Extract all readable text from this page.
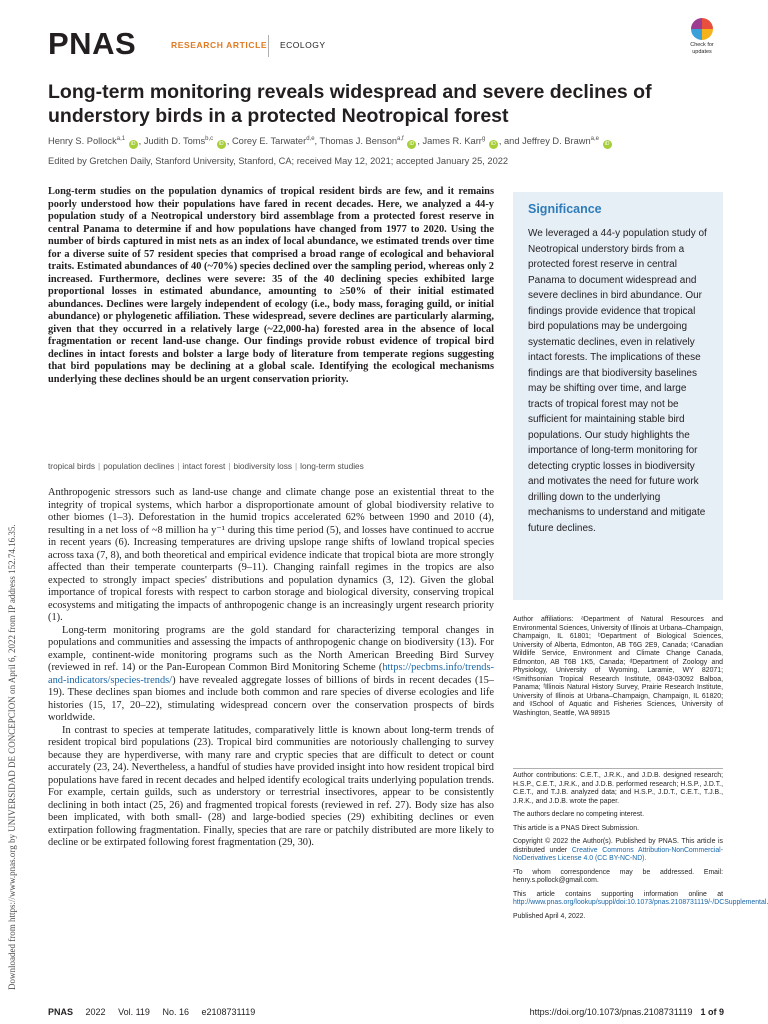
PNAS	RESEARCH ARTICLE ECOLOGY	Check for
updates
Long-term monitoring reveals widespread and severe declines of understory birds in a protected Neotropical forest
Henry S. Pollock$^{a,1}$ iD , Judith D. Toms$^{b,c}$ iD , Corey E. Tarwater$^{d,e}$, Thomas J. Benson$^{a,f}$ iD , James R. Karr$^g$ iD , and Jeffrey D. Brawn$^{a,e}$ iD
Edited by Gretchen Daily, Stanford University, Stanford, CA; received May 12, 2021; accepted January 25, 2022
Long-term studies on the population dynamics of tropical resident birds are few, and it remains poorly understood how their populations have fared in recent decades. Here, we analyzed a 44-y population study of a Neotropical understory bird assemblage from a protected forest reserve in central Panama to determine if and how populations have changed from 1977 to 2020. Using the number of birds captured in mist nets as an index of local abundance, we estimated trends over time for a diverse suite of 57 resident species that comprised a broad range of ecological and behavioral traits. Estimated abundances of 40 (~70%) species declined over the sampling period, whereas only 2 increased. Furthermore, declines were severe: 35 of the 40 declining species exhibited large proportional losses in estimated abundance, amounting to ≥50% of their initial estimated abundances. Declines were largely independent of ecology (i.e., body mass, foraging guild, or initial abundance) or phylogenetic affiliation. These widespread, severe declines are particularly alarming, given that they occurred in a relatively large (~22,000-ha) forested area in the absence of local fragmentation or recent land-use change. Our findings provide robust evidence of tropical bird declines in intact forests and bolster a large body of literature from temperate regions suggesting that bird populations may be declining at a global scale. Identifying the ecological mechanisms underlying these declines should be an urgent conservation priority.
tropical birds | population declines | intact forest | biodiversity loss | long-term studies

Anthropogenic stressors such as land-use change and climate change pose an existential threat to the integrity of tropical systems, which harbor a disproportionate amount of global biodiversity relative to other biomes (1–3). Deforestation in the humid tropics accelerated 62% between 1990 and 2010 (4), resulting in a net loss of ~8 million ha y⁻¹ during this time period (5), and losses have continued to accrue in recent years (6). Increasing temperatures are driving upslope range shifts of lowland tropical species across taxa (7, 8), and both theoretical and empirical evidence indicate that tropical biota are more strongly affected than their temperate counterparts (9–11). Changing rainfall regimes in the tropics are also expected to strongly impact species' distributions and population dynamics (3, 12). Given the global importance of tropical forests with respect to carbon storage and biological diversity, conserving tropical ecosystems and mitigating the impacts of anthropogenic change is an increasingly urgent research priority (1).

Long-term monitoring programs are the gold standard for characterizing temporal changes in populations and communities and assessing the impacts of anthropogenic change on biodiversity (13). For example, continent-wide monitoring programs such as the North American Breeding Bird Survey (reviewed in ref. 14) or the Pan-European Common Bird Monitoring Scheme (https://pecbms.info/trends-and-indicators/species-trends/) have revealed aggregate losses of billions of birds in recent decades (15–19). These declines span biomes and include both common and rare species of diverse ecologies and life histories (15, 17, 20–22), stimulating widespread concern over the conservation prospects of birds worldwide.

In contrast to species at temperate latitudes, comparatively little is known about long-term trends of resident tropical bird populations (23). Tropical bird communities are notoriously challenging to survey because they are hyperdiverse, with many rare and cryptic species that are difficult to detect or count accurately (23, 24). Nevertheless, a handful of studies have provided insight into how resident tropical bird populations have fared in recent decades and helped identify ecological traits underlying population trends. For example, certain guilds, such as understory or terrestrial insectivores, appear to be consistently declining in both intact (25, 26) and fragmented tropical forests (reviewed in ref. 27). Body size has also been implicated, with both small- (28) and large-bodied species (29) exhibiting declines or even extirpation following fragmentation. Finally, species that are rare or patchily distributed are more likely to decline or be extirpated following forest fragmentation (29, 30).

Significance
We leveraged a 44-y population study of Neotropical understory birds from a protected forest reserve in central Panama to document widespread and severe declines in bird abundance. Our findings provide evidence that tropical bird populations may be undergoing systematic declines, even in relatively intact forests. The implications of these findings are that biodiversity baselines may be shifting over time, and large tracts of tropical forest may not be sufficient for maintaining stable bird populations. Our study highlights the importance of long-term monitoring for detecting cryptic losses in biodiversity and motivates the need for future work drilling down to the underlying mechanisms to understand and mitigate future declines.

Author affiliations: ᵃDepartment of Natural Resources and Environmental Sciences, University of Illinois at Urbana–Champaign, Champaign, IL 61801; ᵇDepartment of Biological Sciences, University of Alberta, Edmonton, AB T6G 2E9, Canada; ᶜCanadian Wildlife Service, Environment and Climate Change Canada, Edmonton, AB T6B 1K5, Canada; ᵈDepartment of Zoology and Physiology, University of Wyoming, Laramie, WY 82071; ᵉSmithsonian Tropical Research Institute, 0843-03092 Balboa, Panama; ᶠIllinois Natural History Survey, Prairie Research Institute, University of Illinois at Urbana–Champaign, Champaign, IL 61820; and ᵍSchool of Aquatic and Fisheries Sciences, University of Washington, Seattle, WA 98915

Author contributions: C.E.T., J.R.K., and J.D.B. designed research; H.S.P., C.E.T., J.R.K., and J.D.B. performed research; H.S.P., J.D.T., C.E.T., and T.J.B. analyzed data; and H.S.P., J.D.T., C.E.T., T.J.B., J.R.K., and J.D.B. wrote the paper.

The authors declare no competing interest.

This article is a PNAS Direct Submission.

Copyright © 2022 the Author(s). Published by PNAS. This article is distributed under Creative Commons Attribution-NonCommercial-NoDerivatives License 4.0 (CC BY-NC-ND).

¹To whom correspondence may be addressed. Email: henry.s.pollock@gmail.com.

This article contains supporting information online at http://www.pnas.org/lookup/suppl/doi:10.1073/pnas.2108731119/-/DCSupplemental

Published April 4, 2022.

Downloaded from https://www.pnas.org by UNIVERSIDAD DE CONCEPCION on April 6, 2022 from IP address 152.74.16.35.
PNAS 2022 Vol. 119 No. 16 e2108731119	https://doi.org/10.1073/pnas.2108731119 1 of 9
